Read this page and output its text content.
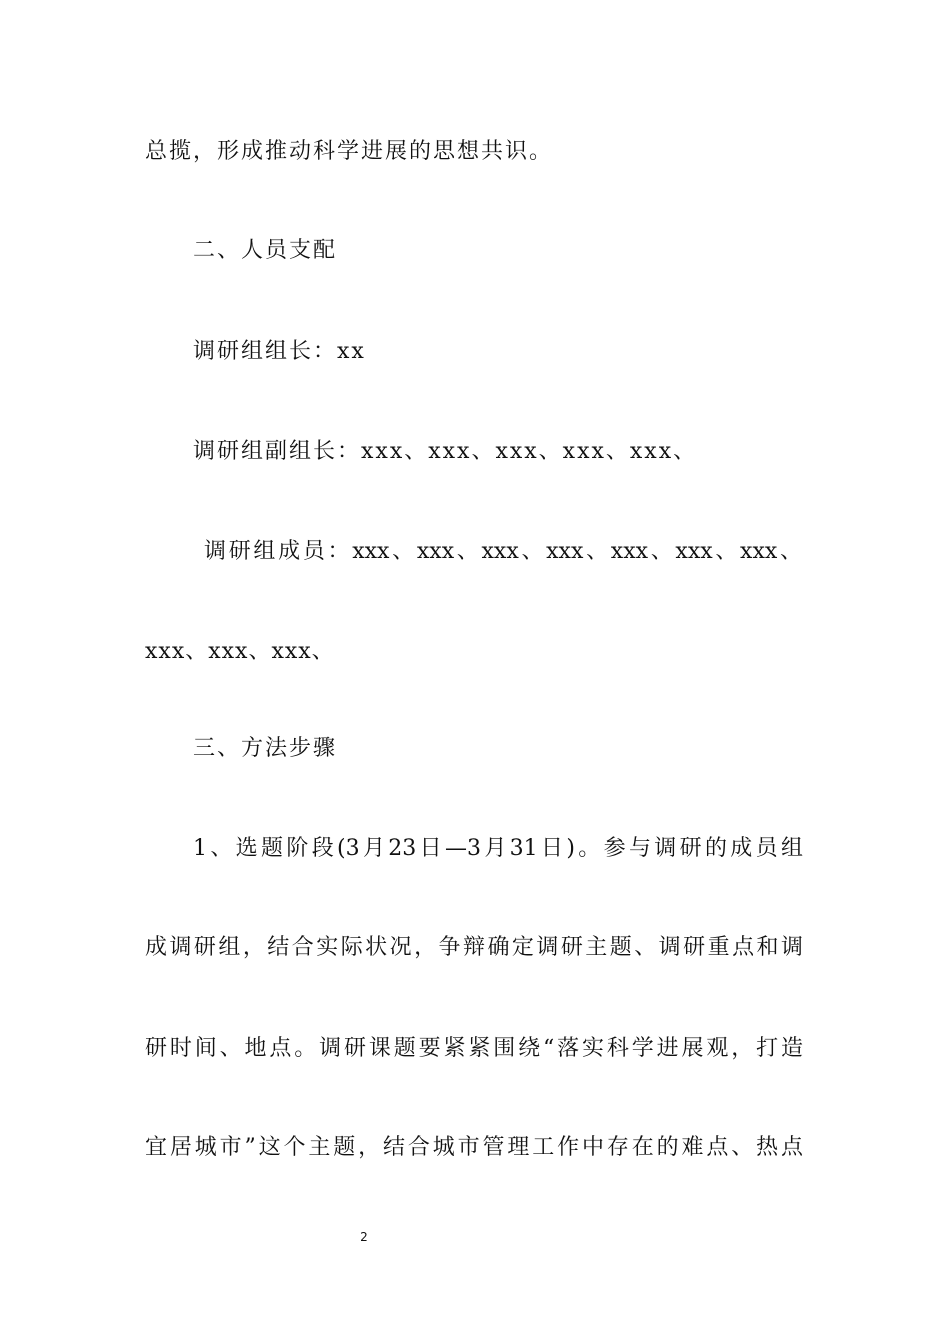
总揽，形成推动科学进展的思想共识。
二、人员支配
调研组组长：xx
调研组副组长：xxx、xxx、xxx、xxx、xxx、
调研组成员：xxx、xxx、xxx、xxx、xxx、xxx、xxx、
xxx、xxx、xxx、
三、方法步骤
1、选题阶段(3月23日—3月31日)。参与调研的成员组
成调研组，结合实际状况，争辩确定调研主题、调研重点和调
研时间、地点。调研课题要紧紧围绕“落实科学进展观，打造
宜居城市”这个主题，结合城市管理工作中存在的难点、热点
2
